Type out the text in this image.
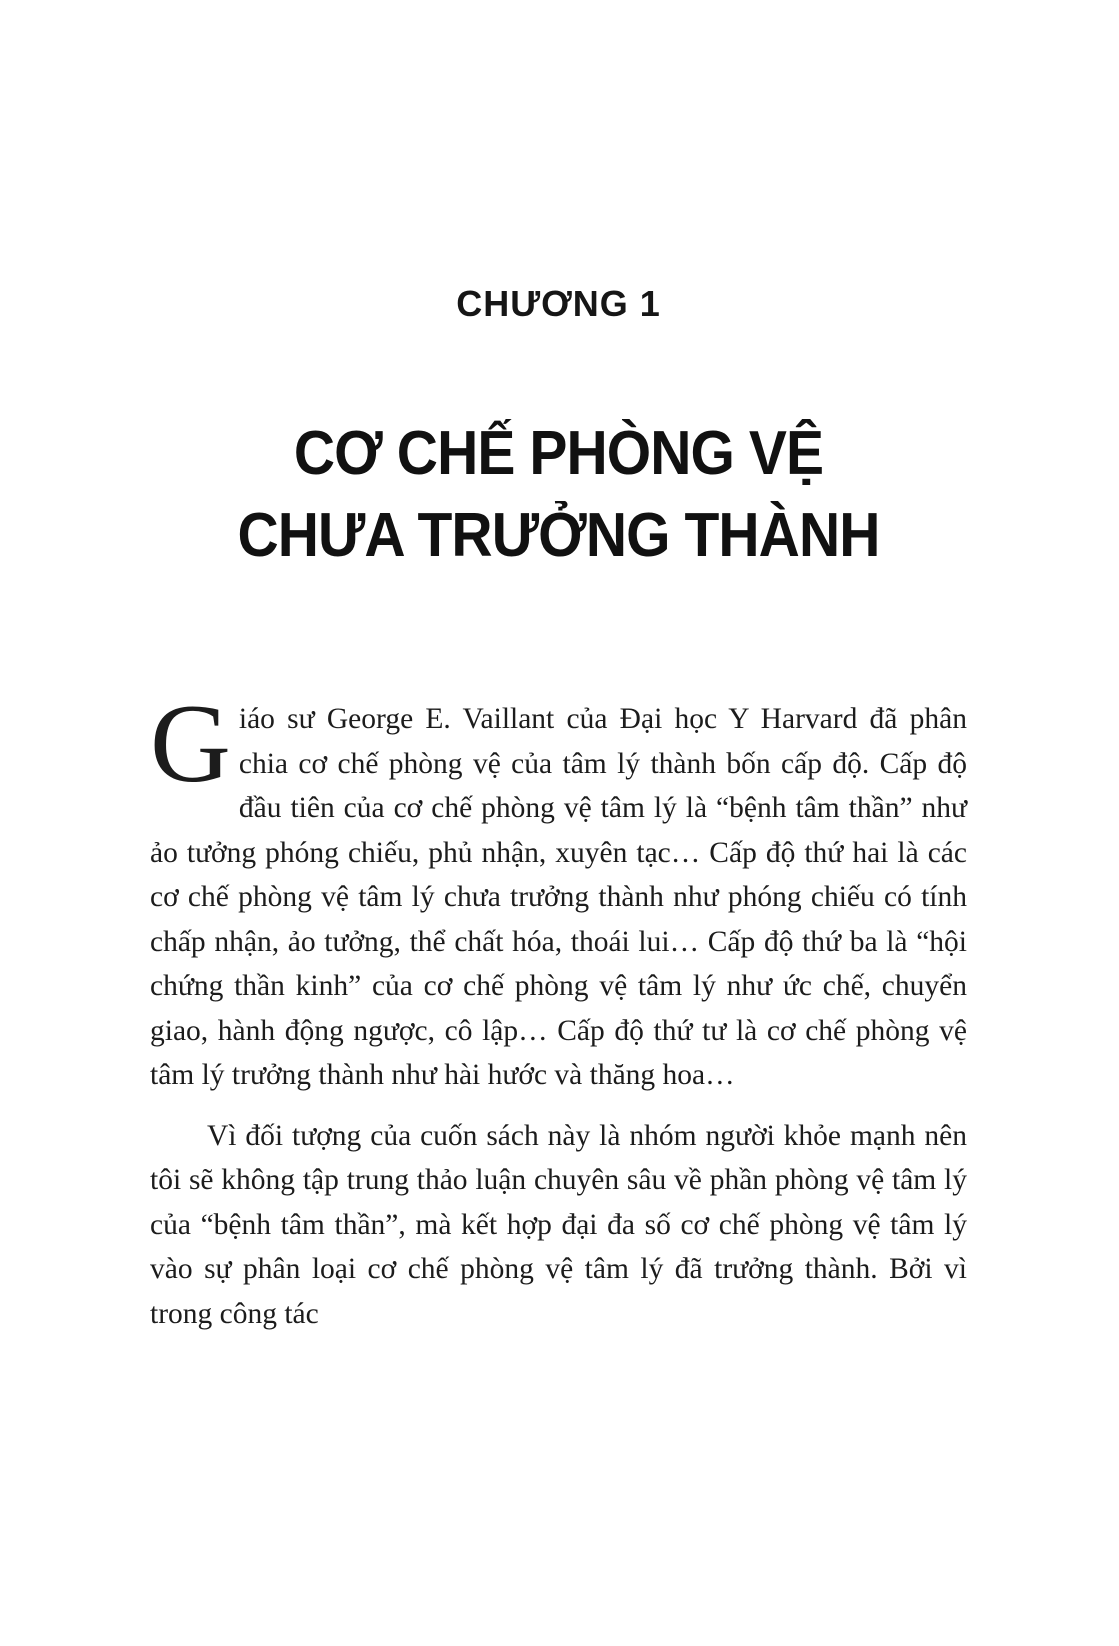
CHƯƠNG 1
CƠ CHẾ PHÒNG VỆ
CHƯA TRƯỞNG THÀNH

Giáo sư George E. Vaillant của Đại học Y Harvard đã phân chia cơ chế phòng vệ của tâm lý thành bốn cấp độ. Cấp độ đầu tiên của cơ chế phòng vệ tâm lý là “bệnh tâm thần” như ảo tưởng phóng chiếu, phủ nhận, xuyên tạc… Cấp độ thứ hai là các cơ chế phòng vệ tâm lý chưa trưởng thành như phóng chiếu có tính chấp nhận, ảo tưởng, thể chất hóa, thoái lui… Cấp độ thứ ba là “hội chứng thần kinh” của cơ chế phòng vệ tâm lý như ức chế, chuyển giao, hành động ngược, cô lập… Cấp độ thứ tư là cơ chế phòng vệ tâm lý trưởng thành như hài hước và thăng hoa…

Vì đối tượng của cuốn sách này là nhóm người khỏe mạnh nên tôi sẽ không tập trung thảo luận chuyên sâu về phần phòng vệ tâm lý của “bệnh tâm thần”, mà kết hợp đại đa số cơ chế phòng vệ tâm lý vào sự phân loại cơ chế phòng vệ tâm lý đã trưởng thành. Bởi vì trong công tác
